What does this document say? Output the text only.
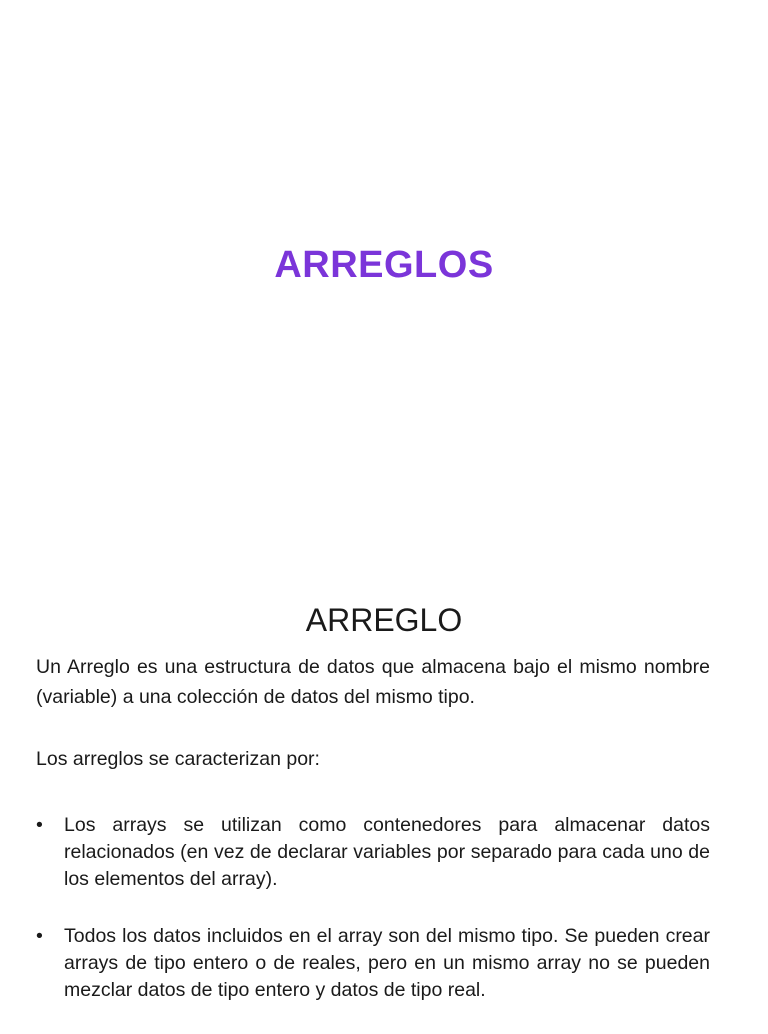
ARREGLOS
ARREGLO

Un Arreglo es una estructura de datos que almacena bajo el mismo nombre (variable) a una colección de datos del mismo tipo.

Los arreglos se caracterizan por:

• Los arrays se utilizan como contenedores para almacenar datos relacionados (en vez de declarar variables por separado para cada uno de los elementos del array).
• Todos los datos incluidos en el array son del mismo tipo. Se pueden crear arrays de tipo entero o de reales, pero en un mismo array no se pueden mezclar datos de tipo entero y datos de tipo real.
